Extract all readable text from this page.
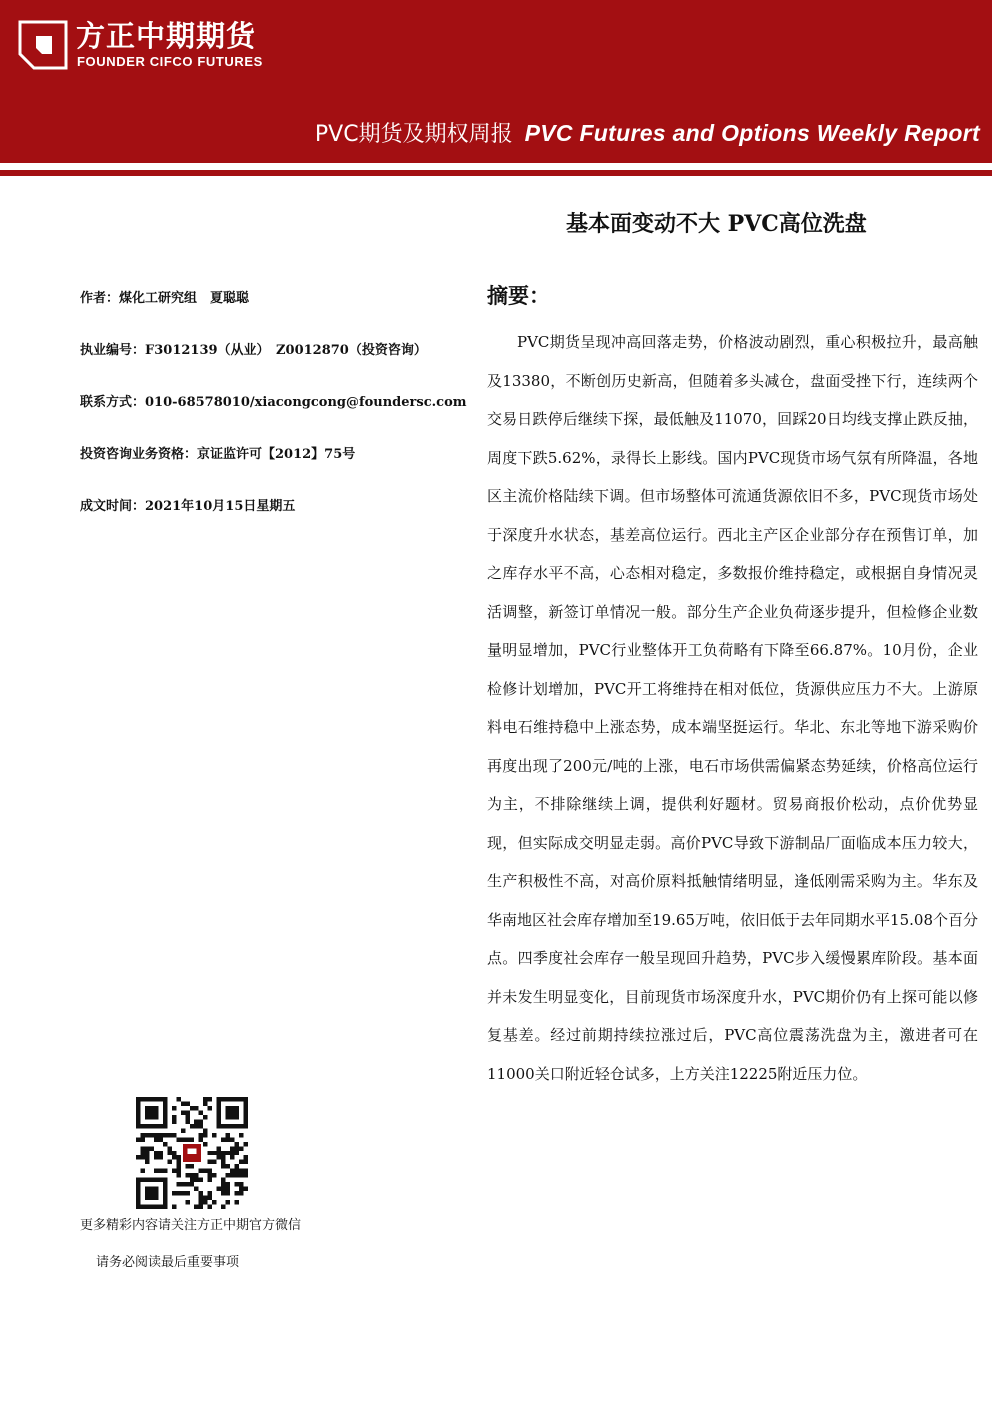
方正中期期货
FOUNDER CIFCO FUTURES
PVC期货及期权周报 PVC Futures and Options Weekly Report
基本面变动不大 PVC高位洗盘
作者：煤化工研究组　夏聪聪
执业编号：F3012139（从业）　Z0012870（投资咨询）
联系方式：010-68578010/xiacongcong@foundersc.com
投资咨询业务资格：京证监许可【2012】75号
成文时间：2021年10月15日星期五
摘要：

PVC期货呈现冲高回落走势，价格波动剧烈，重心积极拉升，最高触及13380，不断创历史新高，但随着多头减仓，盘面受挫下行，连续两个交易日跌停后继续下探，最低触及11070，回踩20日均线支撑止跌反抽，周度下跌5.62%，录得长上影线。国内PVC现货市场气氛有所降温，各地区主流价格陆续下调。但市场整体可流通货源依旧不多，PVC现货市场处于深度升水状态，基差高位运行。西北主产区企业部分存在预售订单，加之库存水平不高，心态相对稳定，多数报价维持稳定，或根据自身情况灵活调整，新签订单情况一般。部分生产企业负荷逐步提升，但检修企业数量明显增加，PVC行业整体开工负荷略有下降至66.87%。10月份，企业检修计划增加，PVC开工将维持在相对低位，货源供应压力不大。上游原料电石维持稳中上涨态势，成本端坚挺运行。华北、东北等地下游采购价再度出现了200元/吨的上涨，电石市场供需偏紧态势延续，价格高位运行为主，不排除继续上调，提供利好题材。贸易商报价松动，点价优势显现，但实际成交明显走弱。高价PVC导致下游制品厂面临成本压力较大，生产积极性不高，对高价原料抵触情绪明显，逢低刚需采购为主。华东及华南地区社会库存增加至19.65万吨，依旧低于去年同期水平15.08个百分点。四季度社会库存一般呈现回升趋势，PVC步入缓慢累库阶段。基本面并未发生明显变化，目前现货市场深度升水，PVC期价仍有上探可能以修复基差。经过前期持续拉涨过后，PVC高位震荡洗盘为主，激进者可在11000关口附近轻仓试多，上方关注12225附近压力位。

更多精彩内容请关注方正中期官方微信
请务必阅读最后重要事项
